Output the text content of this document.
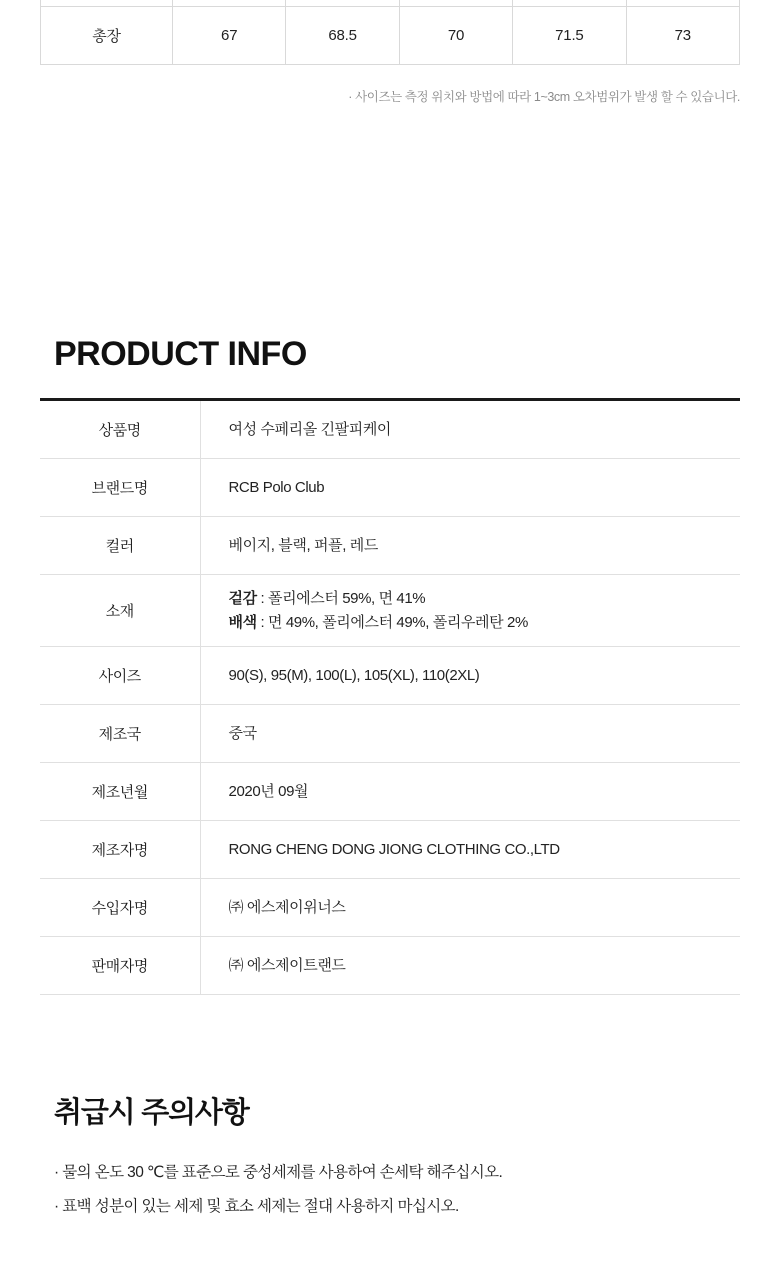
총장	67	68.5	70	71.5	73
· 사이즈는 측정 위치와 방법에 따라 1~3cm 오차범위가 발생 할 수 있습니다.
PRODUCT INFO
상품명	여성 수페리올 긴팔피케이
브랜드명	RCB Polo Club
컬러	베이지, 블랙, 퍼플, 레드
소재	겉감 : 폴리에스터 59%, 면 41%
배색 : 면 49%, 폴리에스터 49%, 폴리우레탄 2%

사이즈	90(S), 95(M), 100(L), 105(XL), 110(2XL)
제조국	중국
제조년월	2020년 09월
제조자명	RONG CHENG DONG JIONG CLOTHING CO.,LTD
수입자명	㈜ 에스제이위너스
판매자명	㈜ 에스제이트랜드
취급시 주의사항
· 물의 온도 30 ℃를 표준으로 중성세제를 사용하여 손세탁 해주십시오.
· 표백 성분이 있는 세제 및 효소 세제는 절대 사용하지 마십시오.
